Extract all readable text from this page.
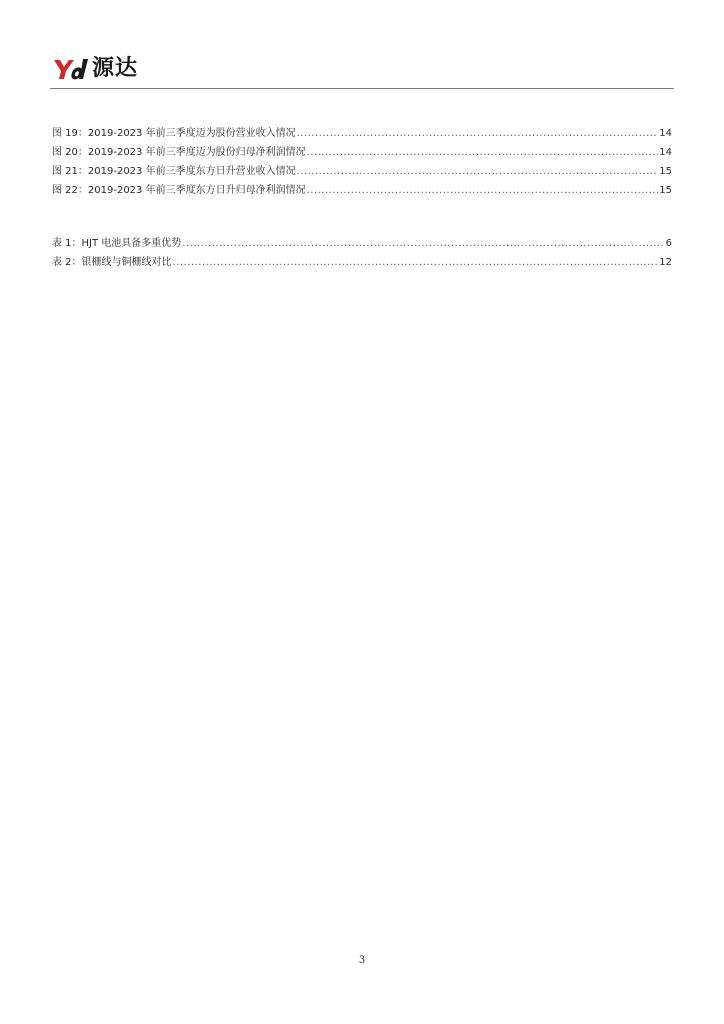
源达
图 19：2019-2023 年前三季度迈为股份营业收入情况 .....	14
图 20：2019-2023 年前三季度迈为股份归母净利润情况 .....	14
图 21：2019-2023 年前三季度东方日升营业收入情况 .....	15
图 22：2019-2023 年前三季度东方日升归母净利润情况 .....	15
表 1：HJT 电池具备多重优势 .....	6
表 2：银栅线与铜栅线对比 .....	12
3
